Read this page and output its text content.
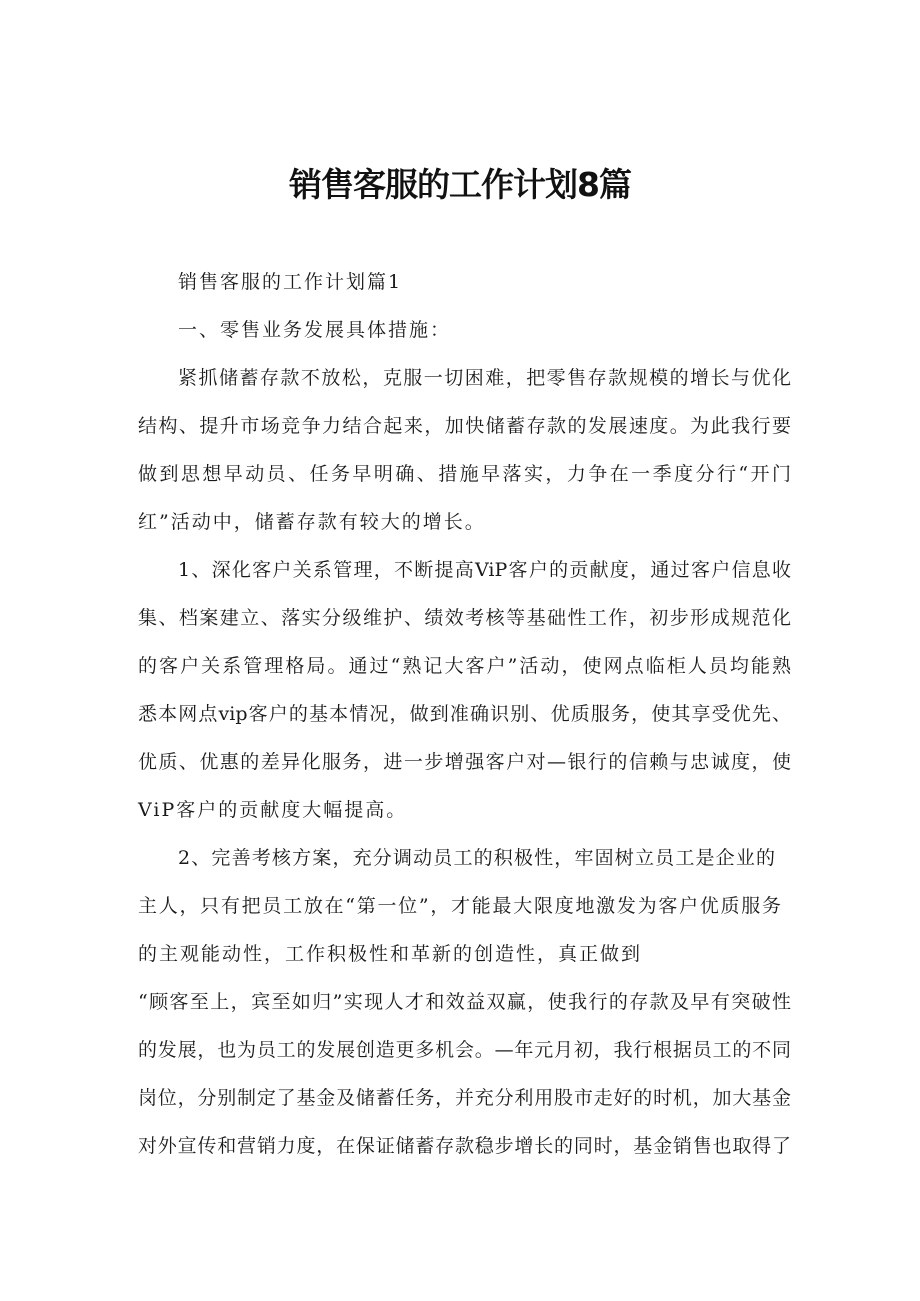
销售客服的工作计划8篇

销售客服的工作计划篇1

一、零售业务发展具体措施：

紧抓储蓄存款不放松，克服一切困难，把零售存款规模的增长与优化

结构、提升市场竞争力结合起来，加快储蓄存款的发展速度。为此我行要

做到思想早动员、任务早明确、措施早落实，力争在一季度分行“开门

红”活动中，储蓄存款有较大的增长。

1、深化客户关系管理，不断提高ViP客户的贡献度，通过客户信息收

集、档案建立、落实分级维护、绩效考核等基础性工作，初步形成规范化

的客户关系管理格局。通过“熟记大客户”活动，使网点临柜人员均能熟

悉本网点vip客户的基本情况，做到准确识别、优质服务，使其享受优先、

优质、优惠的差异化服务，进一步增强客户对—银行的信赖与忠诚度，使

ViP客户的贡献度大幅提高。

2、完善考核方案，充分调动员工的积极性，牢固树立员工是企业的

主人，只有把员工放在“第一位”，才能最大限度地激发为客户优质服务

的主观能动性，工作积极性和革新的创造性，真正做到

“顾客至上，宾至如归”实现人才和效益双赢，使我行的存款及早有突破性

的发展，也为员工的发展创造更多机会。—年元月初，我行根据员工的不同

岗位，分别制定了基金及储蓄任务，并充分利用股市走好的时机，加大基金

对外宣传和营销力度，在保证储蓄存款稳步增长的同时，基金销售也取得了
